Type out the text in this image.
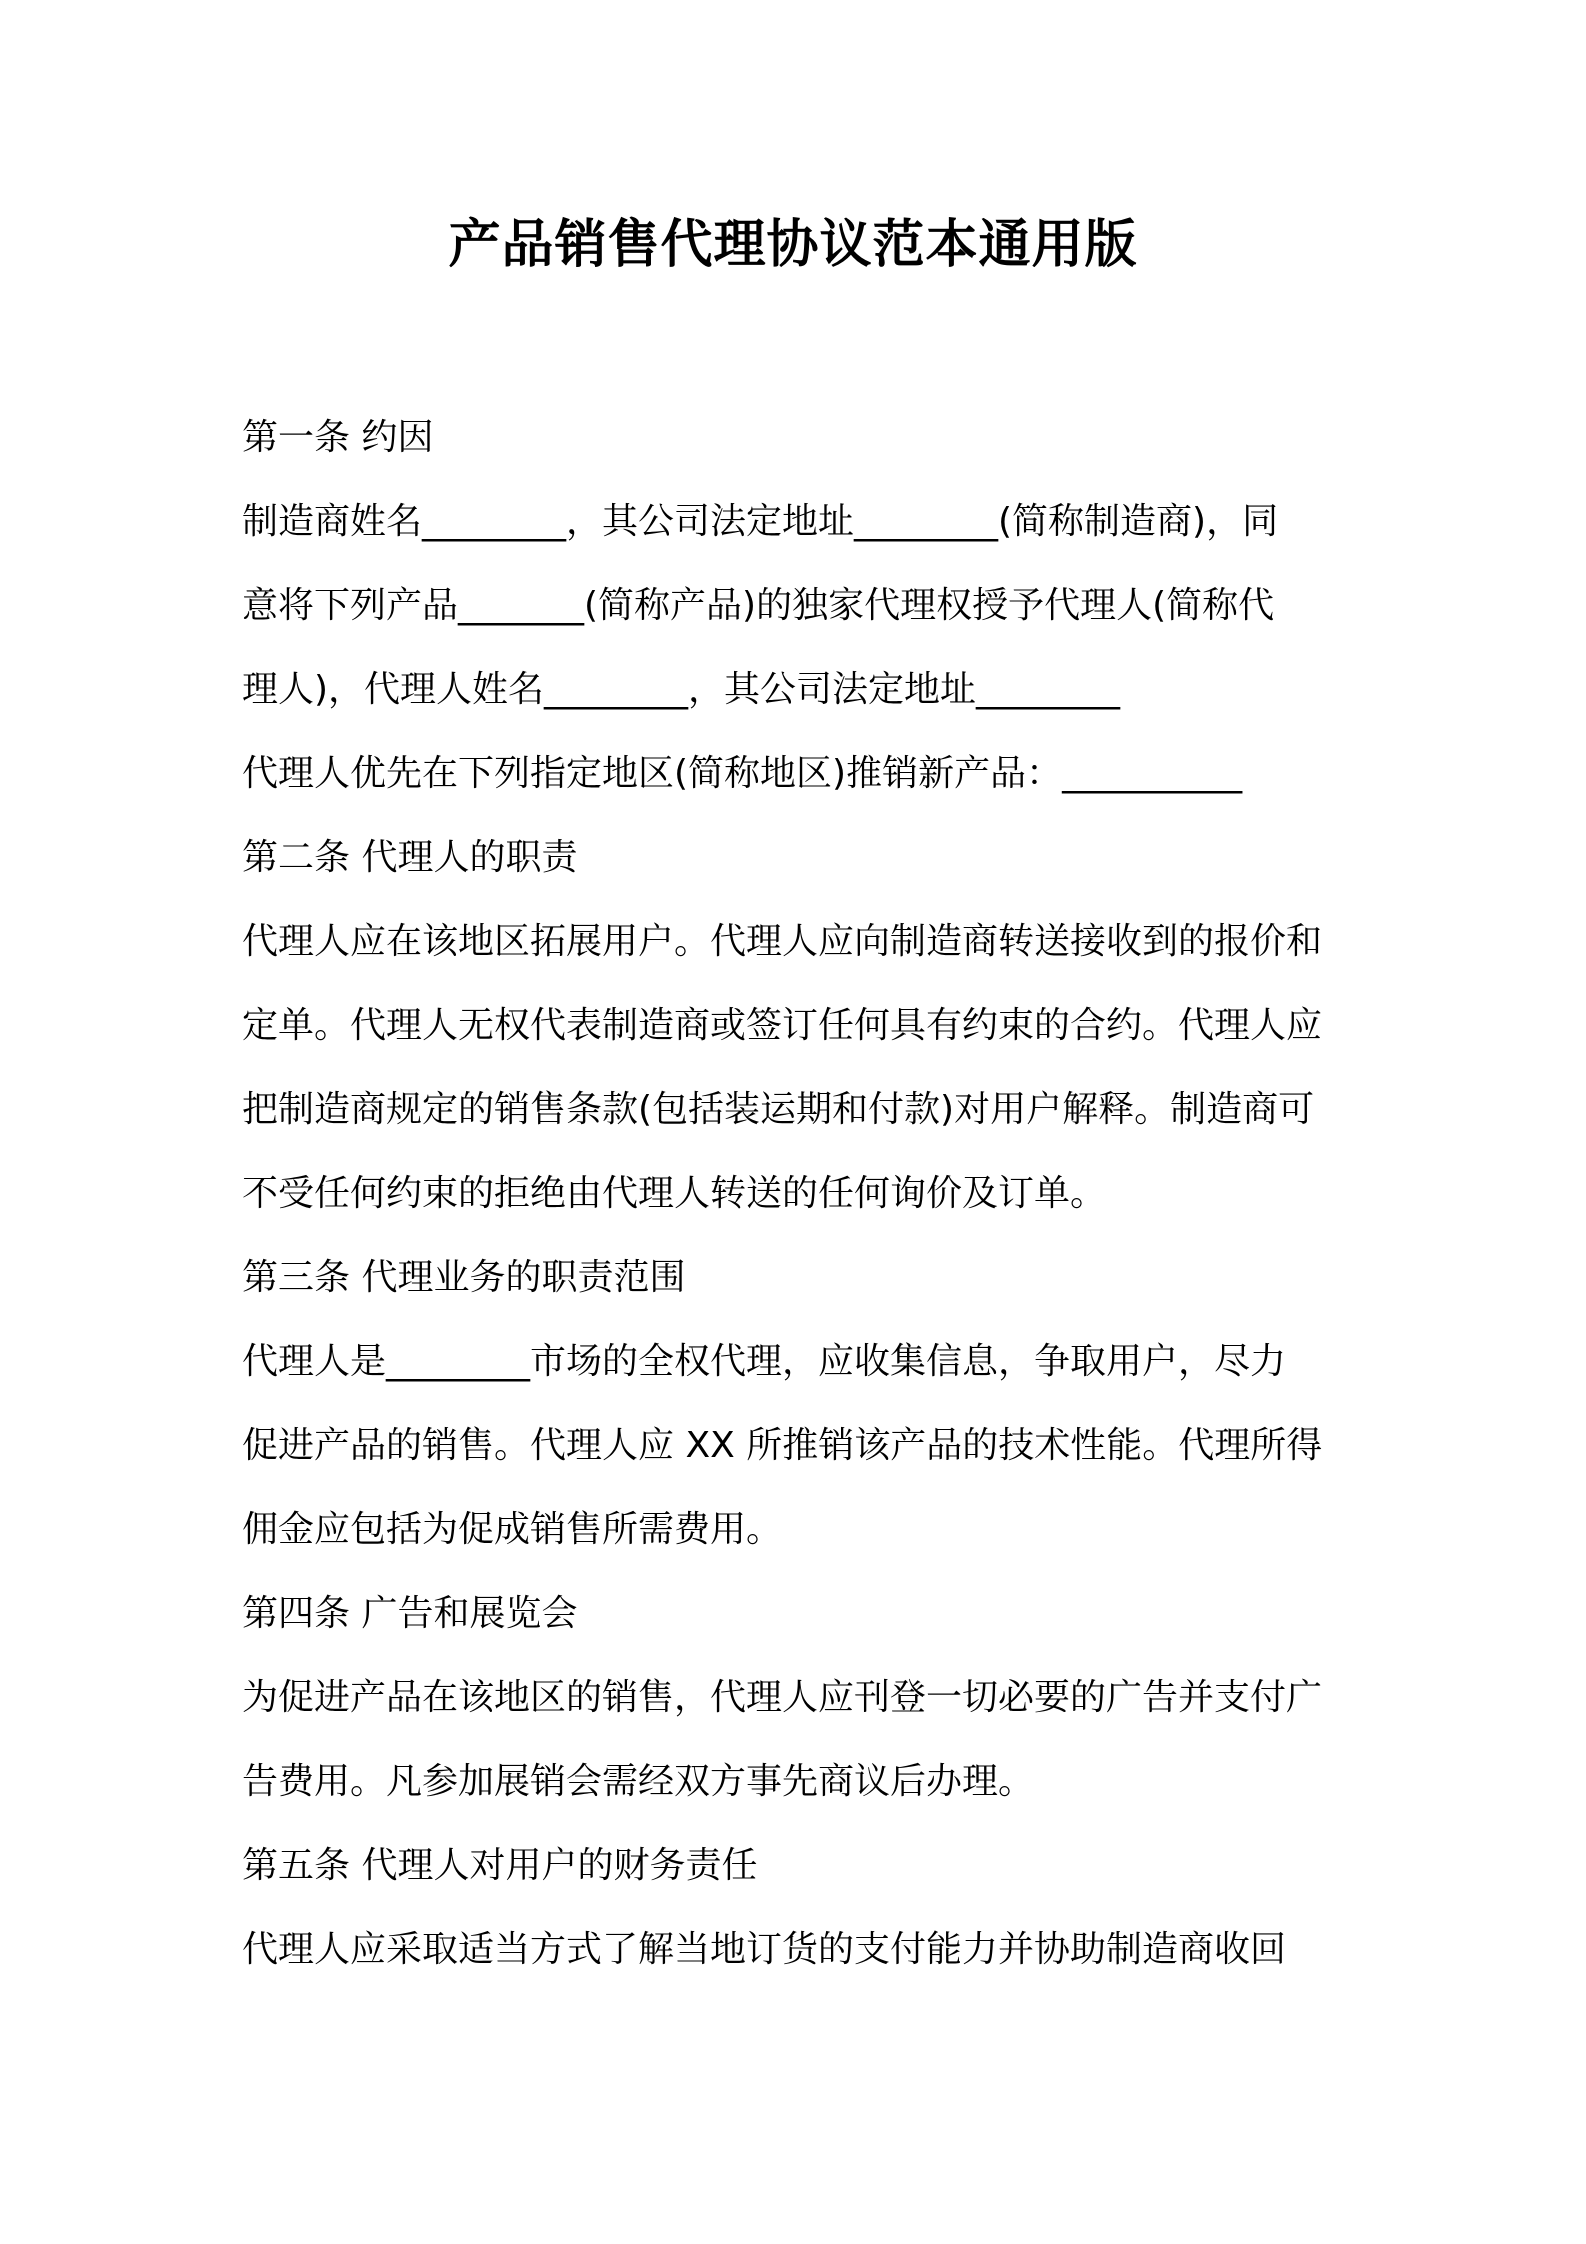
产品销售代理协议范本通用版
第一条 约因
制造商姓名________，其公司法定地址________(简称制造商)，同
意将下列产品_______(简称产品)的独家代理权授予代理人(简称代
理人)，代理人姓名________，其公司法定地址________
代理人优先在下列指定地区(简称地区)推销新产品：__________
第二条 代理人的职责
代理人应在该地区拓展用户。代理人应向制造商转送接收到的报价和
定单。代理人无权代表制造商或签订任何具有约束的合约。代理人应
把制造商规定的销售条款(包括装运期和付款)对用户解释。制造商可
不受任何约束的拒绝由代理人转送的任何询价及订单。
第三条 代理业务的职责范围
代理人是________市场的全权代理，应收集信息，争取用户，尽力
促进产品的销售。代理人应 XX 所推销该产品的技术性能。代理所得
佣金应包括为促成销售所需费用。
第四条 广告和展览会
为促进产品在该地区的销售，代理人应刊登一切必要的广告并支付广
告费用。凡参加展销会需经双方事先商议后办理。
第五条 代理人对用户的财务责任
代理人应采取适当方式了解当地订货的支付能力并协助制造商收回
